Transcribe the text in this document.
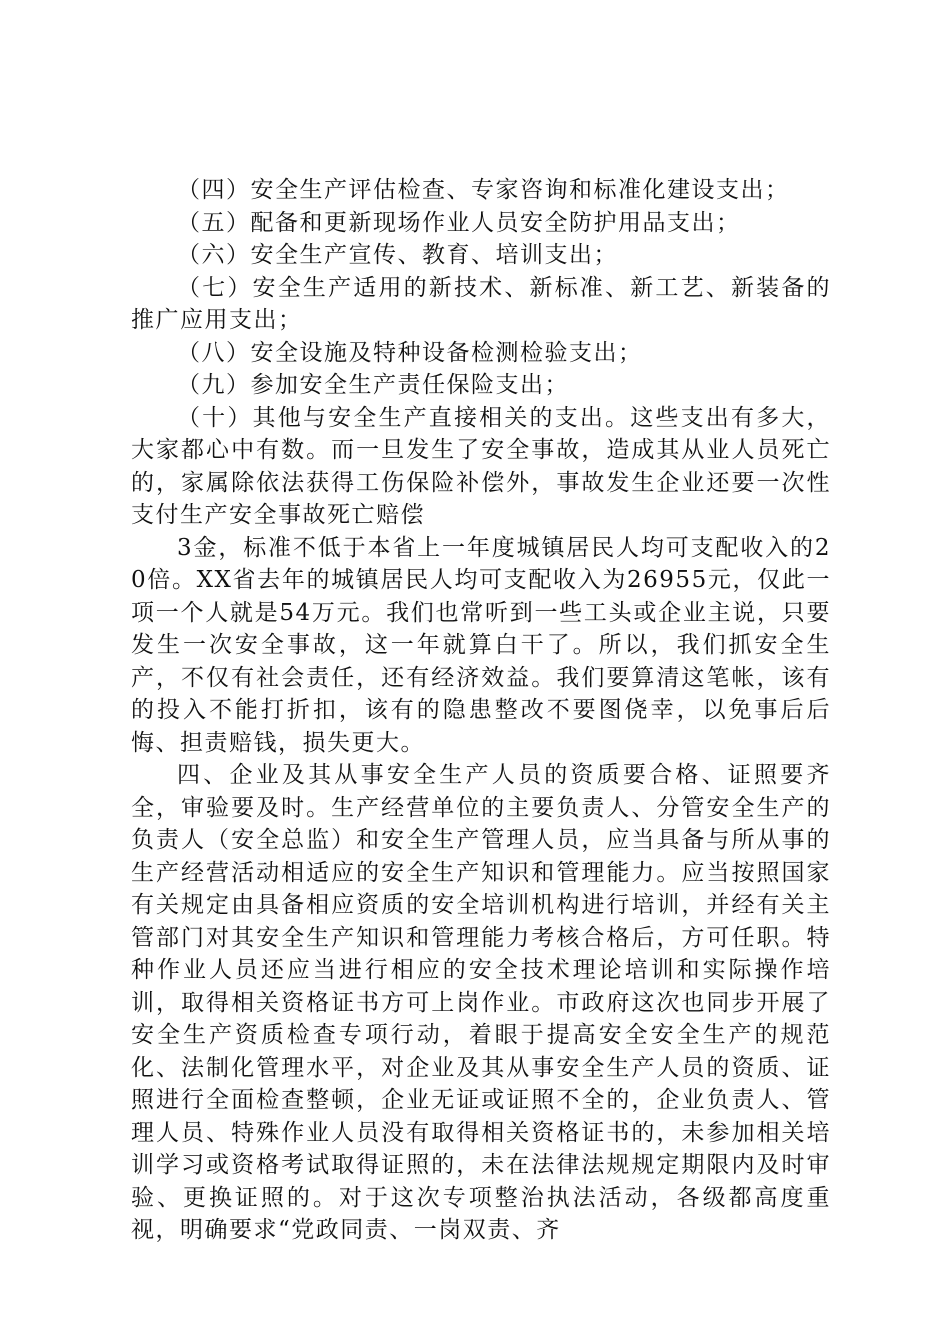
（四）安全生产评估检查、专家咨询和标准化建设支出；

（五）配备和更新现场作业人员安全防护用品支出；

（六）安全生产宣传、教育、培训支出；

（七）安全生产适用的新技术、新标准、新工艺、新装备的推广应用支出；

（八）安全设施及特种设备检测检验支出；

（九）参加安全生产责任保险支出；

（十）其他与安全生产直接相关的支出。这些支出有多大，大家都心中有数。而一旦发生了安全事故，造成其从业人员死亡的，家属除依法获得工伤保险补偿外，事故发生企业还要一次性支付生产安全事故死亡赔偿

3金，标准不低于本省上一年度城镇居民人均可支配收入的20倍。XX省去年的城镇居民人均可支配收入为26955元，仅此一项一个人就是54万元。我们也常听到一些工头或企业主说，只要发生一次安全事故，这一年就算白干了。所以，我们抓安全生产，不仅有社会责任，还有经济效益。我们要算清这笔帐，该有的投入不能打折扣，该有的隐患整改不要图侥幸，以免事后后悔、担责赔钱，损失更大。

四、企业及其从事安全生产人员的资质要合格、证照要齐全，审验要及时。生产经营单位的主要负责人、分管安全生产的负责人（安全总监）和安全生产管理人员，应当具备与所从事的生产经营活动相适应的安全生产知识和管理能力。应当按照国家有关规定由具备相应资质的安全培训机构进行培训，并经有关主管部门对其安全生产知识和管理能力考核合格后，方可任职。特种作业人员还应当进行相应的安全技术理论培训和实际操作培训，取得相关资格证书方可上岗作业。市政府这次也同步开展了安全生产资质检查专项行动，着眼于提高安全安全生产的规范化、法制化管理水平，对企业及其从事安全生产人员的资质、证照进行全面检查整顿，企业无证或证照不全的，企业负责人、管理人员、特殊作业人员没有取得相关资格证书的，未参加相关培训学习或资格考试取得证照的，未在法律法规规定期限内及时审验、更换证照的。对于这次专项整治执法活动，各级都高度重视，明确要求“党政同责、一岗双责、齐
